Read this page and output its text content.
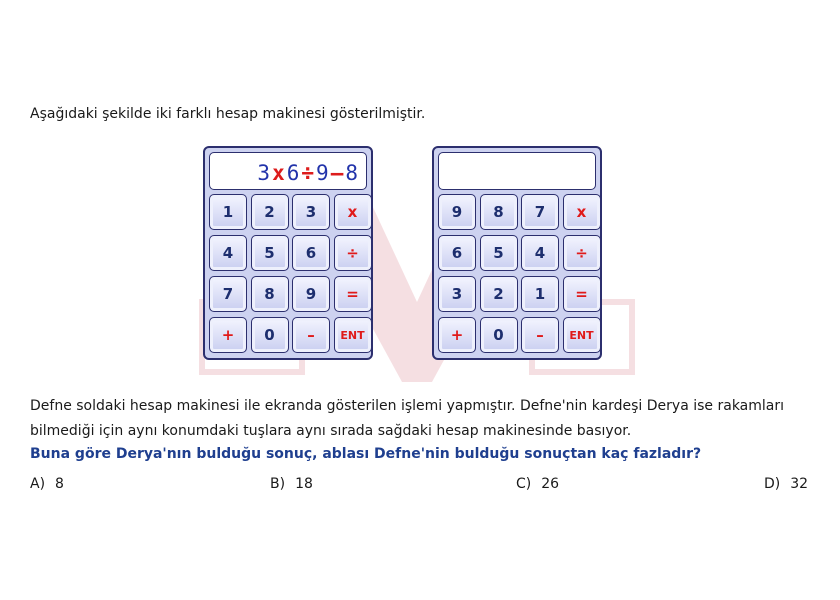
Aşağıdaki şekilde iki farklı hesap makinesi gösterilmiştir.
3x6÷9–8
1	2	3	x
4	5	6	÷
7	8	9	=
+	0	–	ENT
9	8	7	x
6	5	4	÷
3	2	1	=
+	0	–	ENT
Defne soldaki hesap makinesi ile ekranda gösterilen işlemi yapmıştır. Defne'nin kardeşi Derya ise rakamları
bilmediği için aynı konumdaki tuşlara aynı sırada sağdaki hesap makinesinde basıyor.
Buna göre Derya'nın bulduğu sonuç, ablası Defne'nin bulduğu sonuçtan kaç fazladır?
A) 8	B) 18	C) 26	D) 32
